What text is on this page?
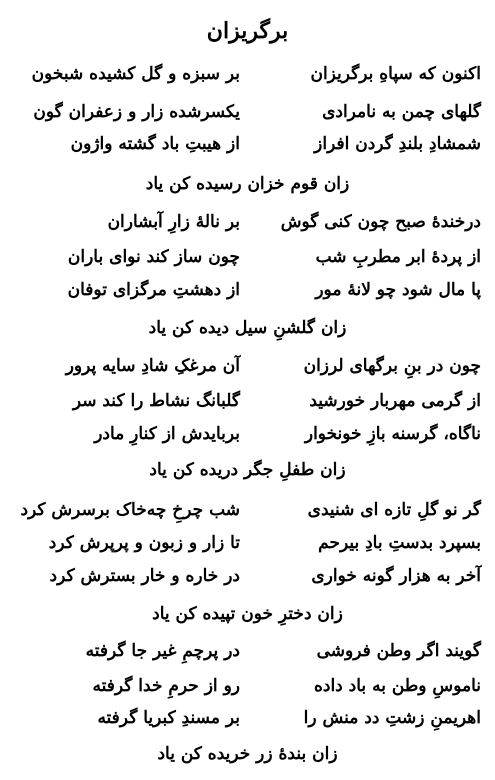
برگریزان
اکنون که سپاهِ برگریزان
بر سبزه و گل کشیده شبخون
گلهای چمن به نامرادی
یکسرشده زار و زعفران گون
شمشادِ بلندِ گردن افراز
از هیبتِ باد گشته واژون
زان قوم خزان رسیده کن یاد
درخندهٔ صبح چون کنی گوش
بر نالهٔ زارِ آبشاران
از پردهٔ ابر مطربِ شب
چون ساز کند نوای باران
پا مال شود چو لانهٔ مور
از دهشتِ مرگزای توفان
زان گلشنِ سیل دیده کن یاد
چون در بنِ برگهای لرزان
آن مرغکِ شادِ سایه پرور
از گرمی مهربار خورشید
گلبانگ نشاط را کند سر
ناگاه، گرسنه بازِ خونخوار
بربایدش از کنارِ مادر
زان طفلِ جگر دریده کن یاد
گر نو گلِ تازه ای شنیدی
شب چرخِ چه‌خاک برسرش کرد
بسپرد بدستِ بادِ بیرحم
تا زار و زبون و پرپرش کرد
آخر به هزار گونه خواری
در خاره و خار بسترش کرد
زان دخترِ خون تپیده کن یاد
گویند اگر وطن فروشی
در پرچمِ غیر جا گرفته
ناموسِ وطن به باد داده
رو از حرمِ خدا گرفته
اهریمنِ زشتِ دد منش را
بر مسندِ کبریا گرفته
زان بندهٔ زر خریده کن یاد
